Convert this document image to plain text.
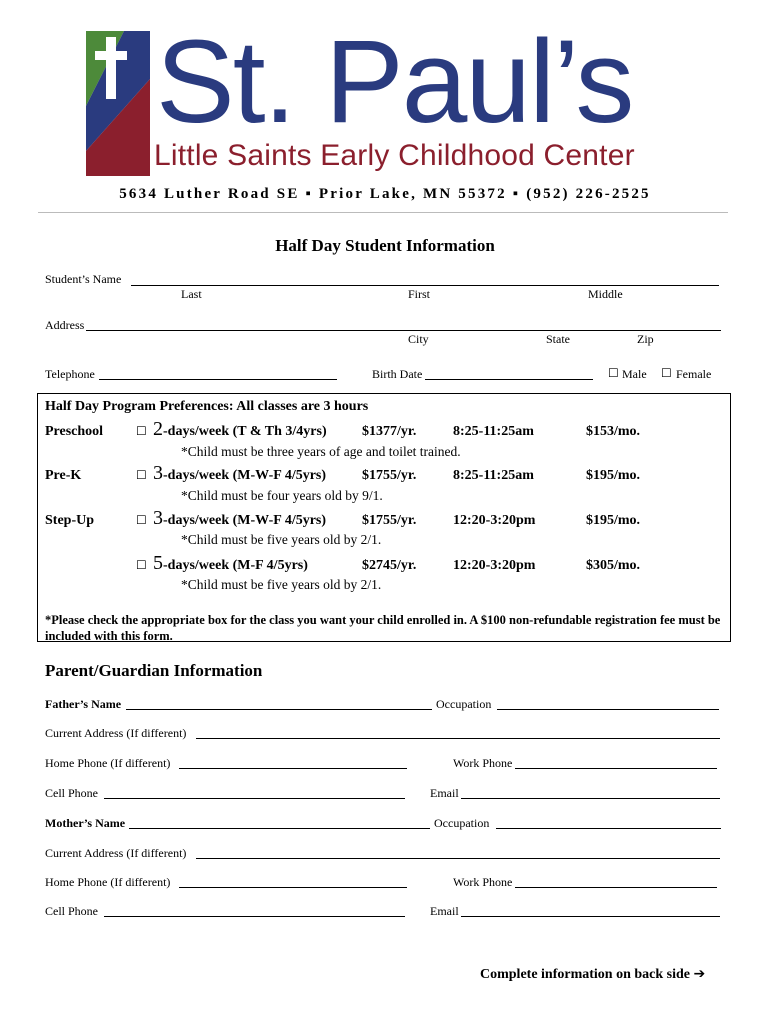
St. Paul’s
Little Saints Early Childhood Center
5634 Luther Road SE ▪ Prior Lake, MN 55372 ▪ (952) 226-2525
Half Day Student Information
Student’s Name
Last	First	Middle
Address
City	State	Zip
Telephone	Birth Date	☐ Male ☐ Female
Half Day Program Preferences: All classes are 3 hours
Preschool	☐ 2-days/week (T & Th 3/4yrs)	$1377/yr.	8:25-11:25am	$153/mo.
*Child must be three years of age and toilet trained.
Pre-K	☐ 3-days/week (M-W-F 4/5yrs)	$1755/yr.	8:25-11:25am	$195/mo.
*Child must be four years old by 9/1.
Step-Up	☐ 3-days/week (M-W-F 4/5yrs)	$1755/yr.	12:20-3:20pm	$195/mo.
*Child must be five years old by 2/1.
☐ 5-days/week (M-F 4/5yrs)	$2745/yr.	12:20-3:20pm	$305/mo.
*Child must be five years old by 2/1.
*Please check the appropriate box for the class you want your child enrolled in. A $100 non-refundable registration fee must be included with this form.
Parent/Guardian Information
Father’s Name	Occupation
Current Address (If different)
Home Phone (If different)	Work Phone
Cell Phone	Email
Mother’s Name	Occupation
Current Address (If different)
Home Phone (If different)	Work Phone
Cell Phone	Email
Complete information on back side ➔
